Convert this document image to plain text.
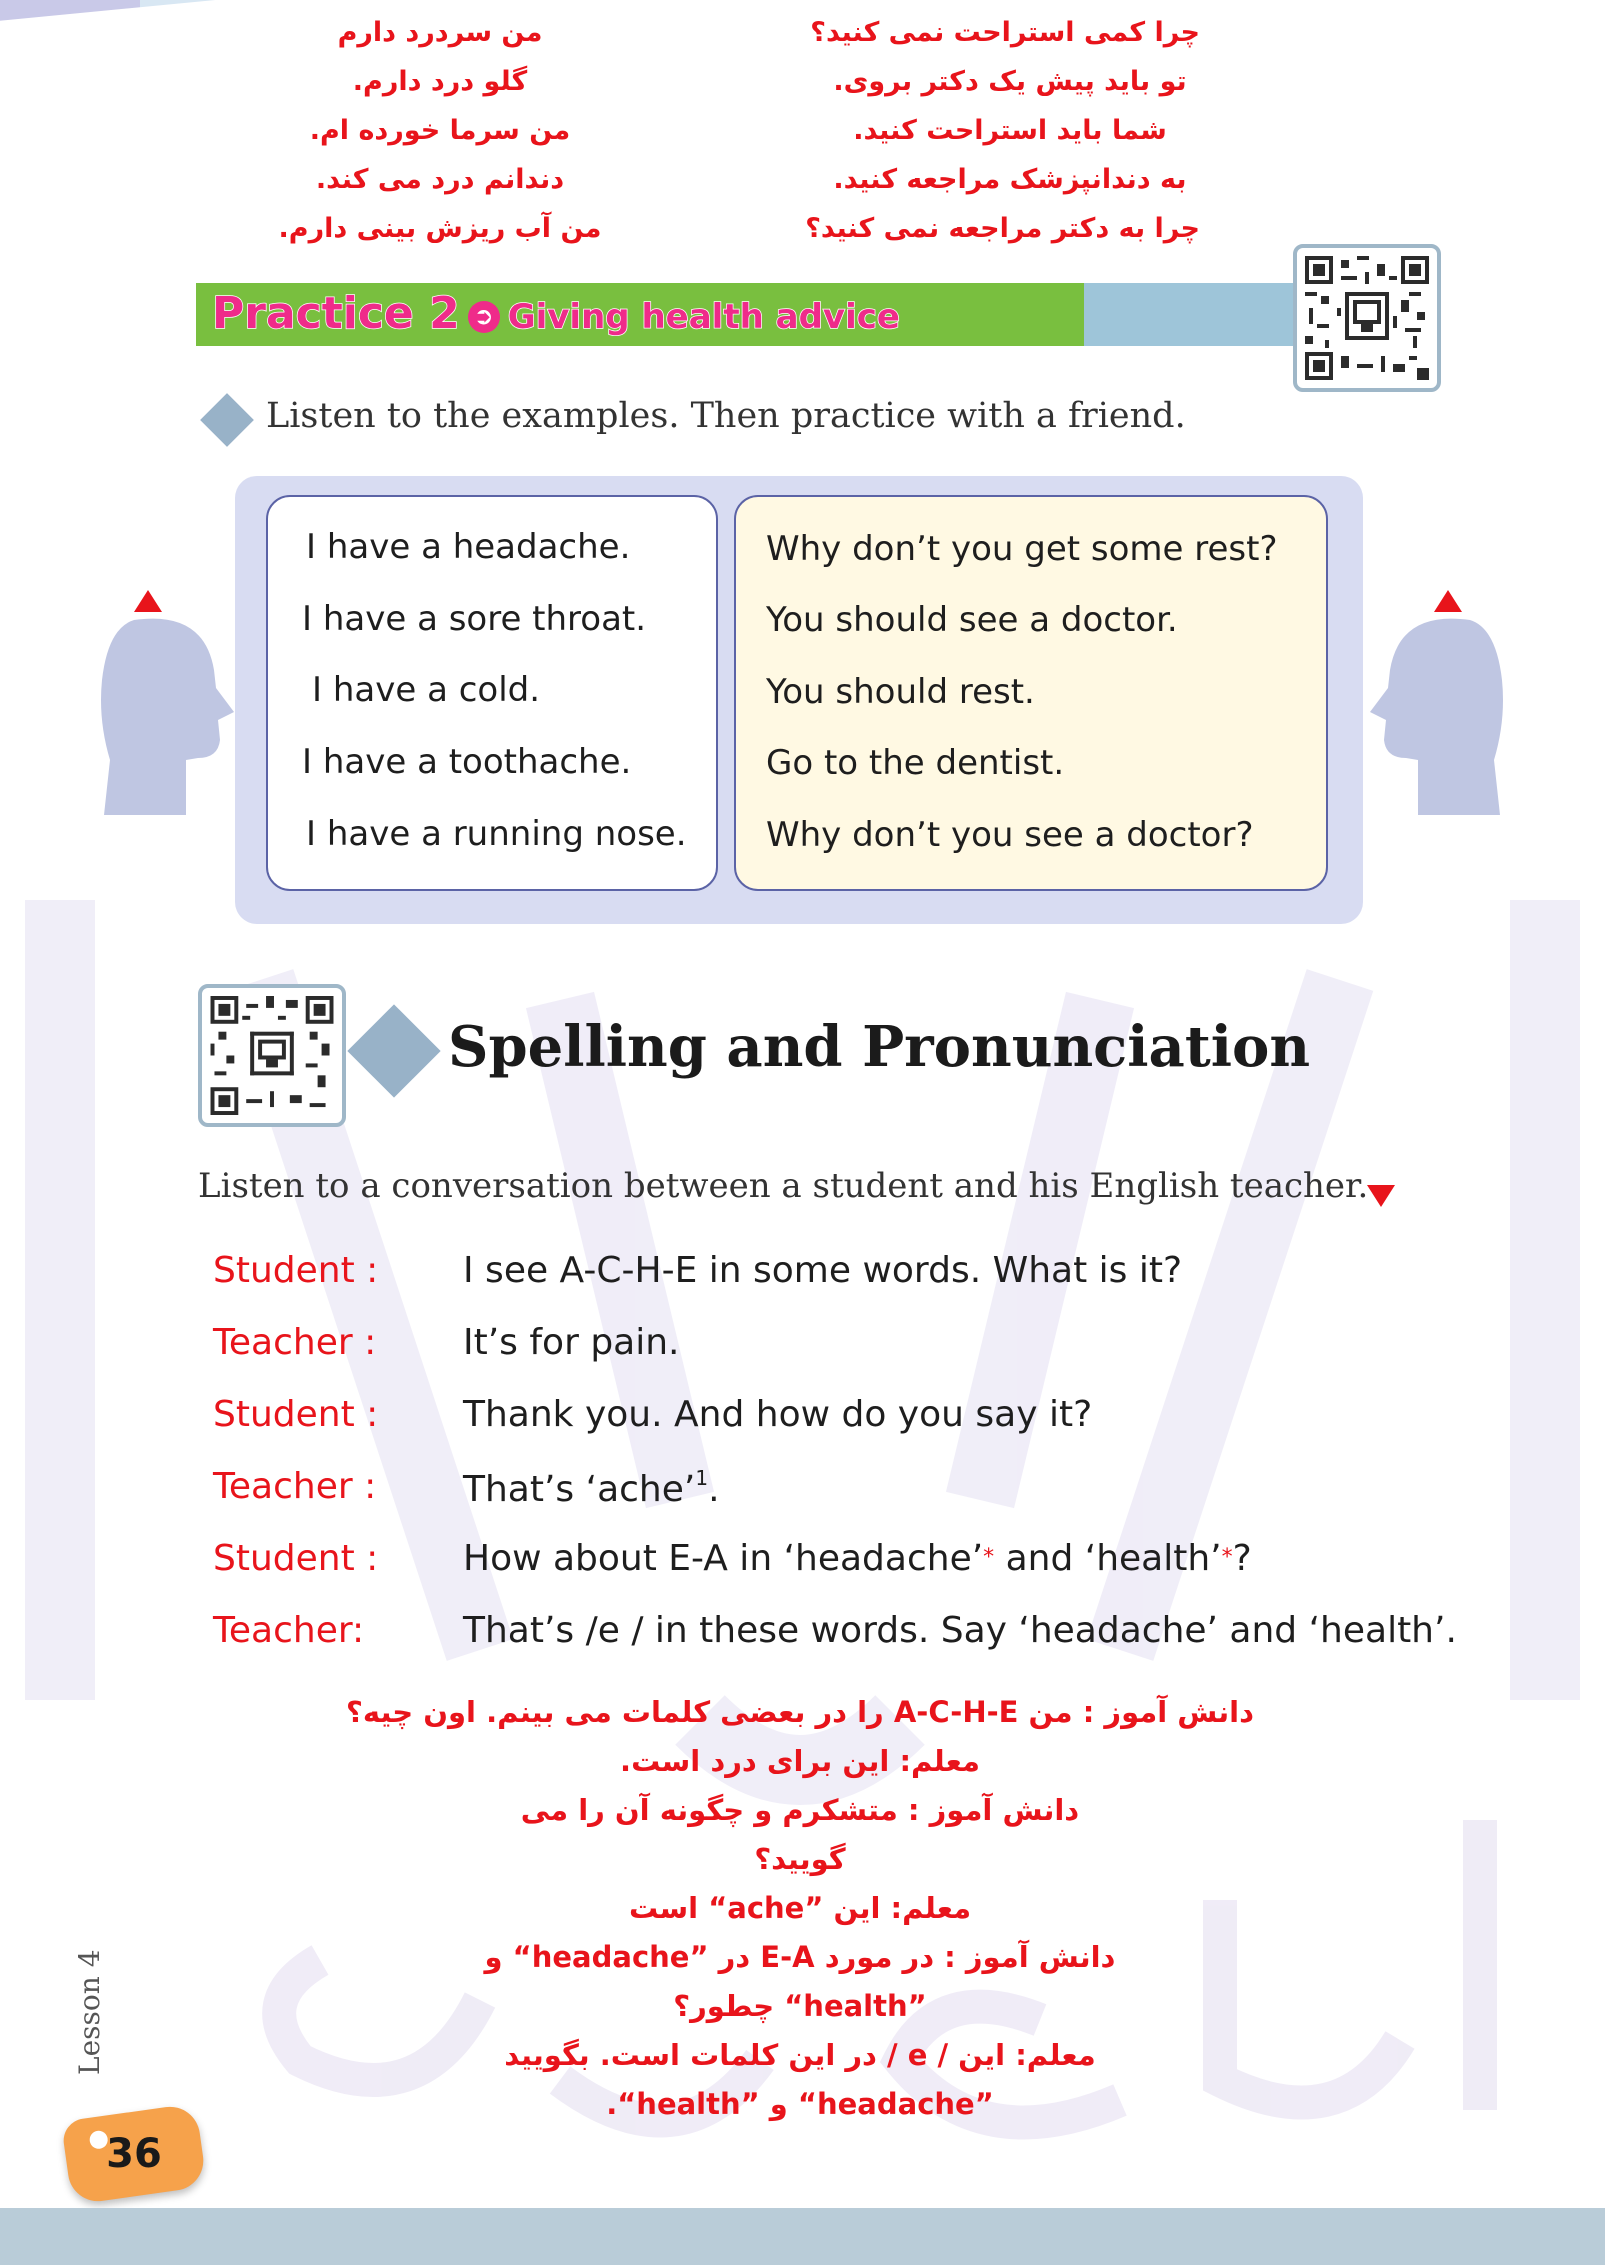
من سردرد دارم
گلو درد دارم.
من سرما خورده ام.
دندانم درد می کند.
من آب ریزش بینی دارم.
چرا کمی استراحت نمی کنید؟
تو باید پیش یک دکتر بروی.
شما باید استراحت کنید.
به دندانپزشک مراجعه کنید.
چرا به دکتر مراجعه نمی کنید؟
Practice 2 ➲ Giving health advice
Listen to the examples. Then practice with a friend.
I have a headache.
I have a sore throat.
I have a cold.
I have a toothache.
I have a running nose.
Why don’t you get some rest?
You should see a doctor.
You should rest.
Go to the dentist.
Why don’t you see a doctor?
Spelling and Pronunciation
Listen to a conversation between a student and his English teacher.
Student : I see A-C-H-E in some words. What is it?
Teacher : It’s for pain.
Student : Thank you. And how do you say it?
Teacher : That’s ‘ache’$^1$.
Student : How about E-A in ‘headache’* and ‘health’*?
Teacher:	That’s /e / in these words. Say ‘headache’ and ‘health’.
دانش آموز : من A-C-H-E را در بعضی کلمات می بینم. اون چیه؟
معلم: این برای درد است.
دانش آموز : متشکرم و چگونه آن را می
گویید؟
معلم: این ”ache“ است
دانش آموز : در مورد E-A در ”headache“ و
”health“ چطور؟
معلم: این / e / در این کلمات است. بگویید
”headache“ و ”health“.
Lesson 4
36
